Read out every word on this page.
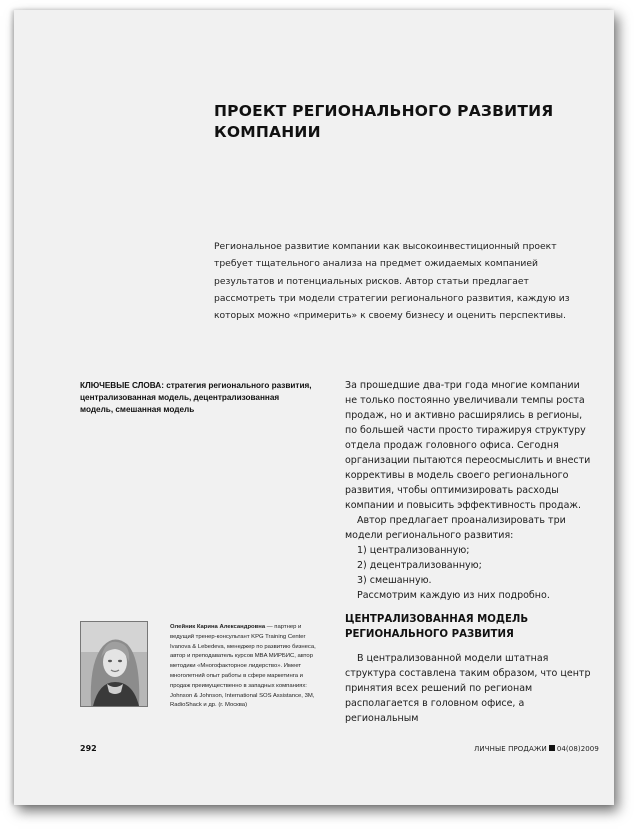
ПРОЕКТ РЕГИОНАЛЬНОГО РАЗВИТИЯ
КОМПАНИИ

Региональное развитие компании как высокоинвестиционный проект требует тщательного анализа на предмет ожидаемых компанией результатов и потенциальных рисков. Автор статьи предлагает рассмотреть три модели стратегии регионального развития, каждую из которых можно «примерить» к своему бизнесу и оценить перспективы.

КЛЮЧЕВЫЕ СЛОВА: стратегия регионального развития, централизованная модель, децентрализованная модель, смешанная модель

За прошедшие два-три года многие компании не только постоянно увеличивали темпы роста продаж, но и активно расширялись в регионы, по большей части просто тиражируя структуру отдела продаж головного офиса. Сегодня организации пытаются переосмыслить и внести коррективы в модель своего регионального развития, чтобы оптимизировать расходы компании и повысить эффективность продаж.

Автор предлагает проанализировать три модели регионального развития:

1) централизованную;

2) децентрализованную;

3) смешанную.

Рассмотрим каждую из них подробно.

ЦЕНТРАЛИЗОВАННАЯ МОДЕЛЬ
РЕГИОНАЛЬНОГО РАЗВИТИЯ

В централизованной модели штатная структура составлена таким образом, что центр принятия всех решений по регионам располагается в головном офисе, а региональным

Олейник Карина Александровна — партнер и ведущий тренер-консультант KPG Training Center Ivanova & Lebedeva, менеджер по развитию бизнеса, автор и преподаватель курсов MBA МИРБИС, автор методики «Многофакторное лидерство». Имеет многолетний опыт работы в сфере маркетинга и продаж преимущественно в западных компаниях: Johnson & Johnson, International SOS Assistance, 3M, RadioShack и др. (г. Москва)
292	ЛИЧНЫЕ ПРОДАЖИ 04(08)2009
